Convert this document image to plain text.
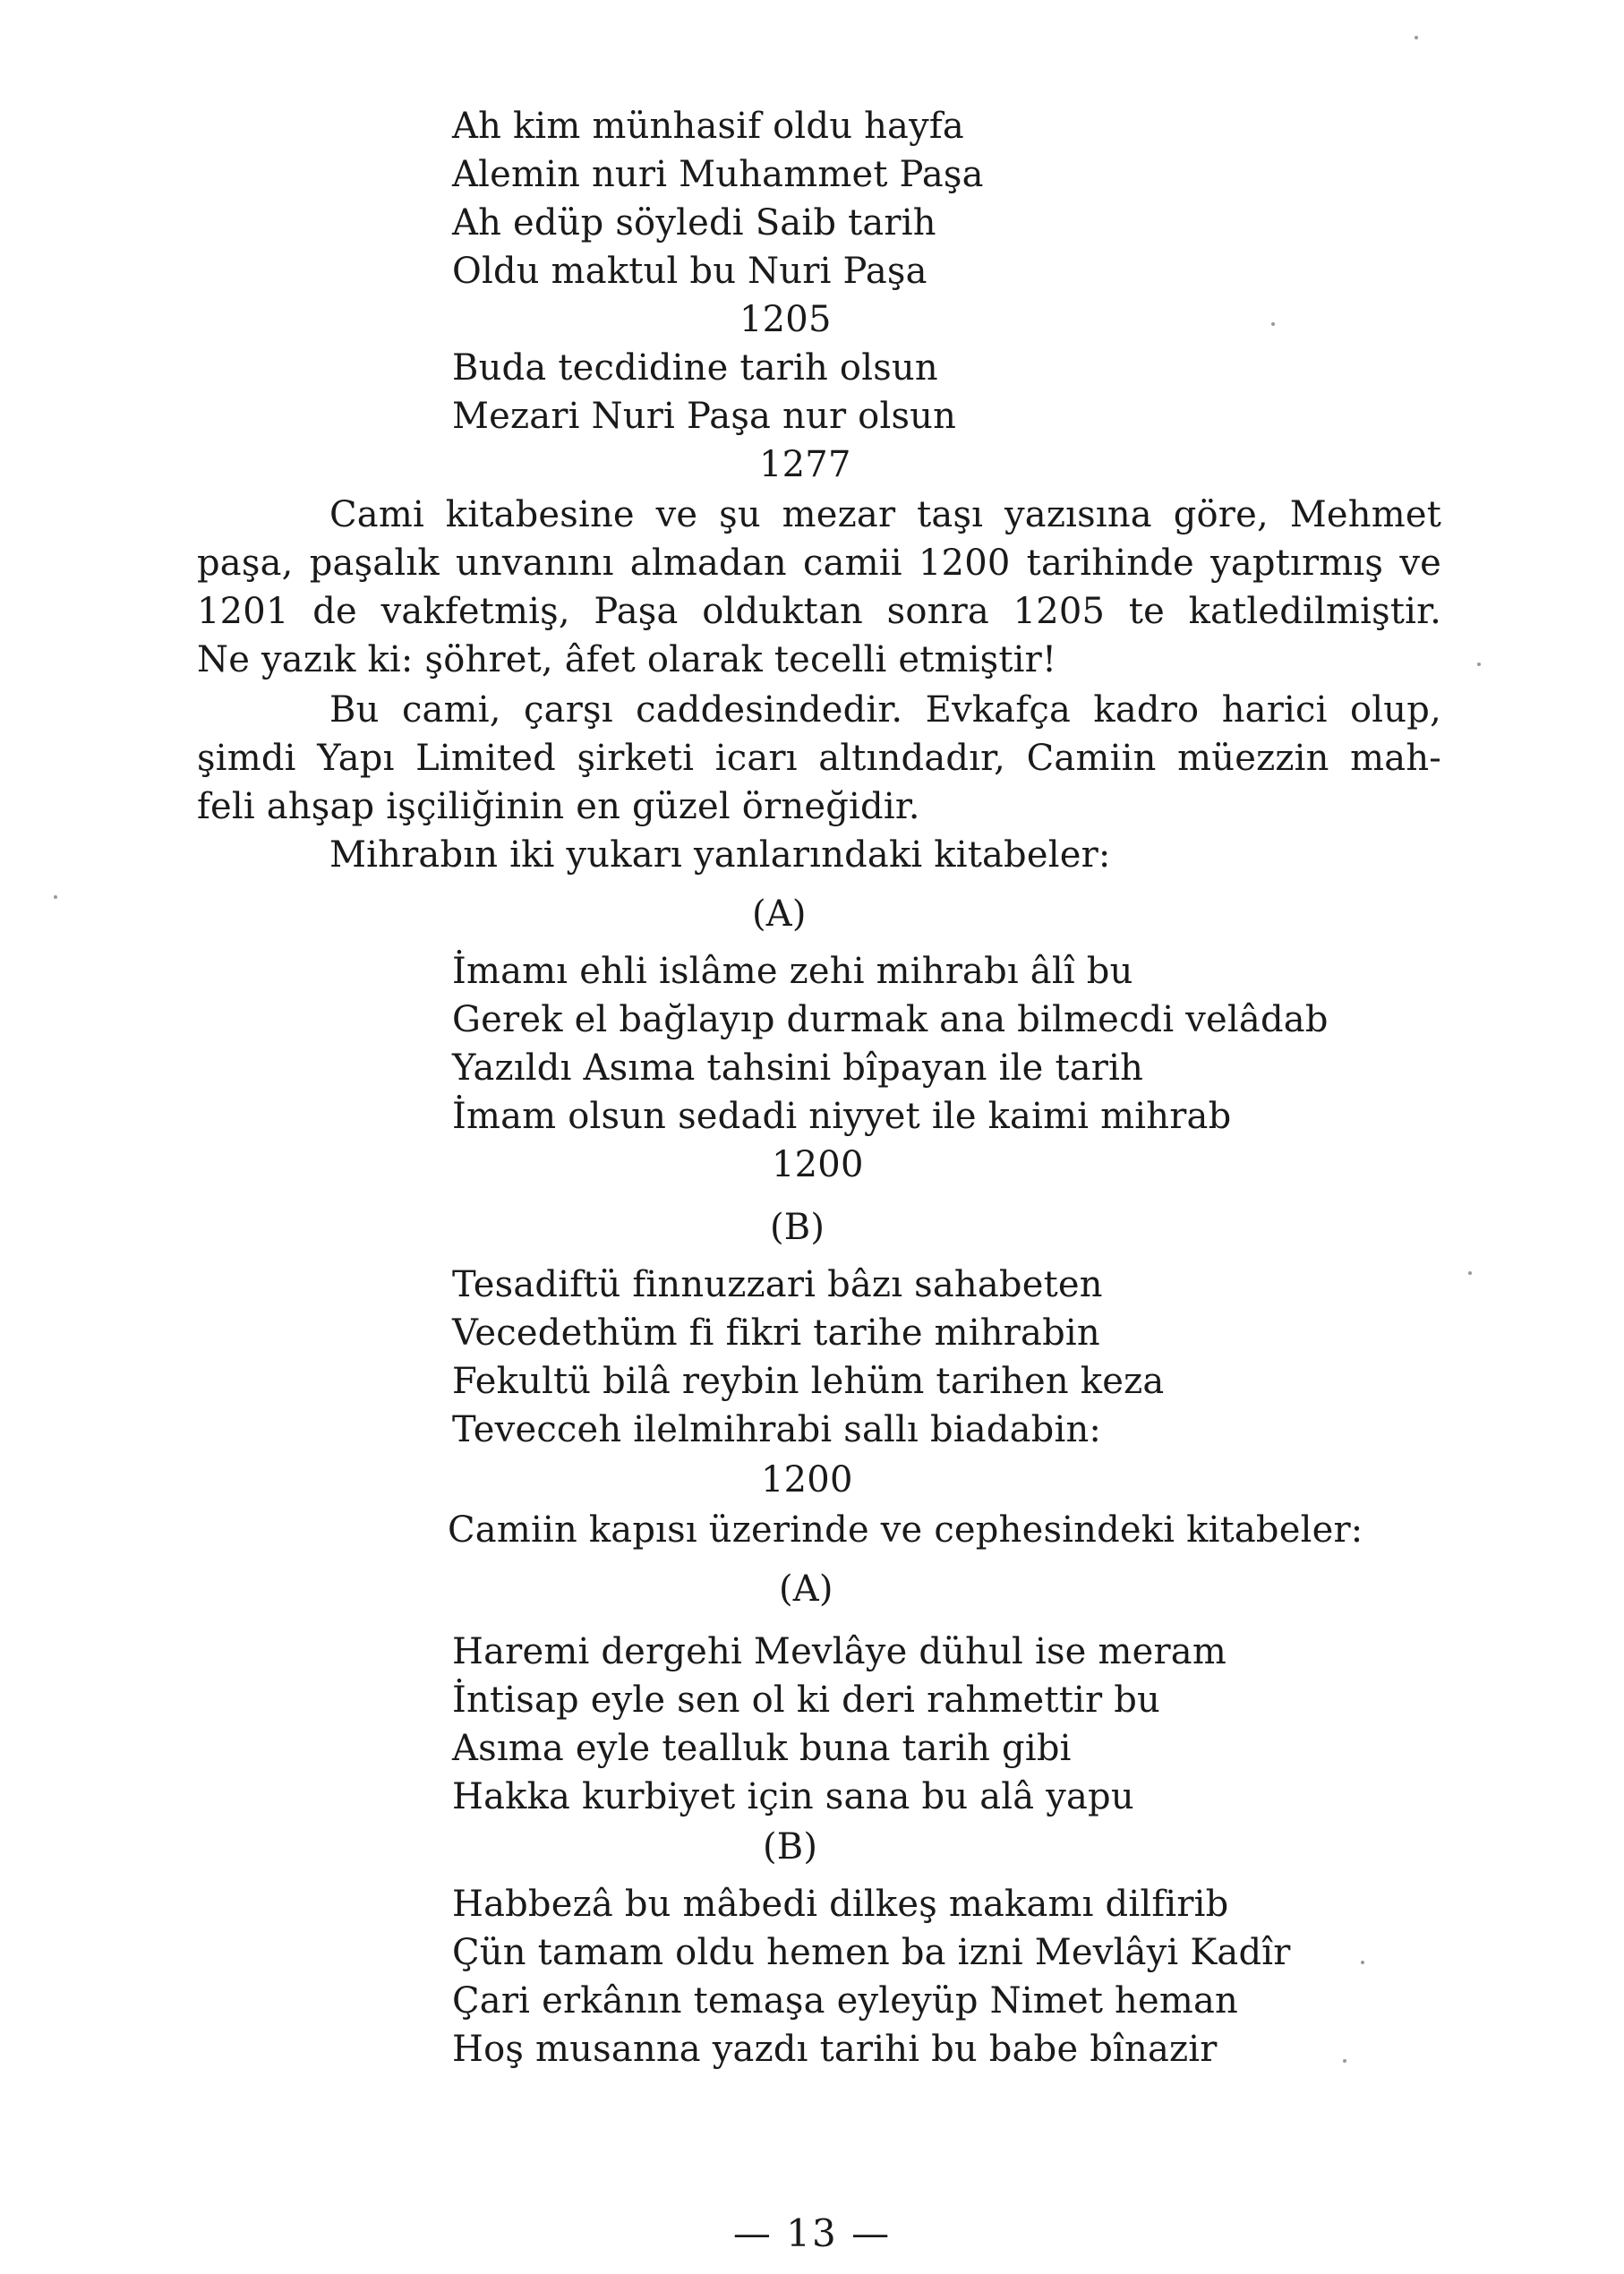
Ah kim münhasif oldu hayfa
Alemin nuri Muhammet Paşa
Ah edüp söyledi Saib tarih
Oldu maktul bu Nuri Paşa
1205
Buda tecdidine tarih olsun
Mezari Nuri Paşa nur olsun
1277
Cami kitabesine ve şu mezar taşı yazısına göre, Mehmet
paşa, paşalık unvanını almadan camii 1200 tarihinde yaptırmış ve
1201 de vakfetmiş, Paşa olduktan sonra 1205 te katledilmiştir.
Ne yazık ki: şöhret, âfet olarak tecelli etmiştir!
Bu cami, çarşı caddesindedir. Evkafça kadro harici olup,
şimdi Yapı Limited şirketi icarı altındadır, Camiin müezzin mah-
feli ahşap işçiliğinin en güzel örneğidir.
Mihrabın iki yukarı yanlarındaki kitabeler:
(A)
İmamı ehli islâme zehi mihrabı âlî bu
Gerek el bağlayıp durmak ana bilmecdi velâdab
Yazıldı Asıma tahsini bîpayan ile tarih
İmam olsun sedadi niyyet ile kaimi mihrab
1200
(B)
Tesadiftü finnuzzari bâzı sahabeten
Vecedethüm fi fikri tarihe mihrabin
Fekultü bilâ reybin lehüm tarihen keza
Tevecceh ilelmihrabi sallı biadabin:
1200
Camiin kapısı üzerinde ve cephesindeki kitabeler:
(A)
Haremi dergehi Mevlâye dühul ise meram
İntisap eyle sen ol ki deri rahmettir bu
Asıma eyle tealluk buna tarih gibi
Hakka kurbiyet için sana bu alâ yapu
(B)
Habbezâ bu mâbedi dilkeş makamı dilfirib
Çün tamam oldu hemen ba izni Mevlâyi Kadîr
Çari erkânın temaşa eyleyüp Nimet heman
Hoş musanna yazdı tarihi bu babe bînazir
— 13 —
